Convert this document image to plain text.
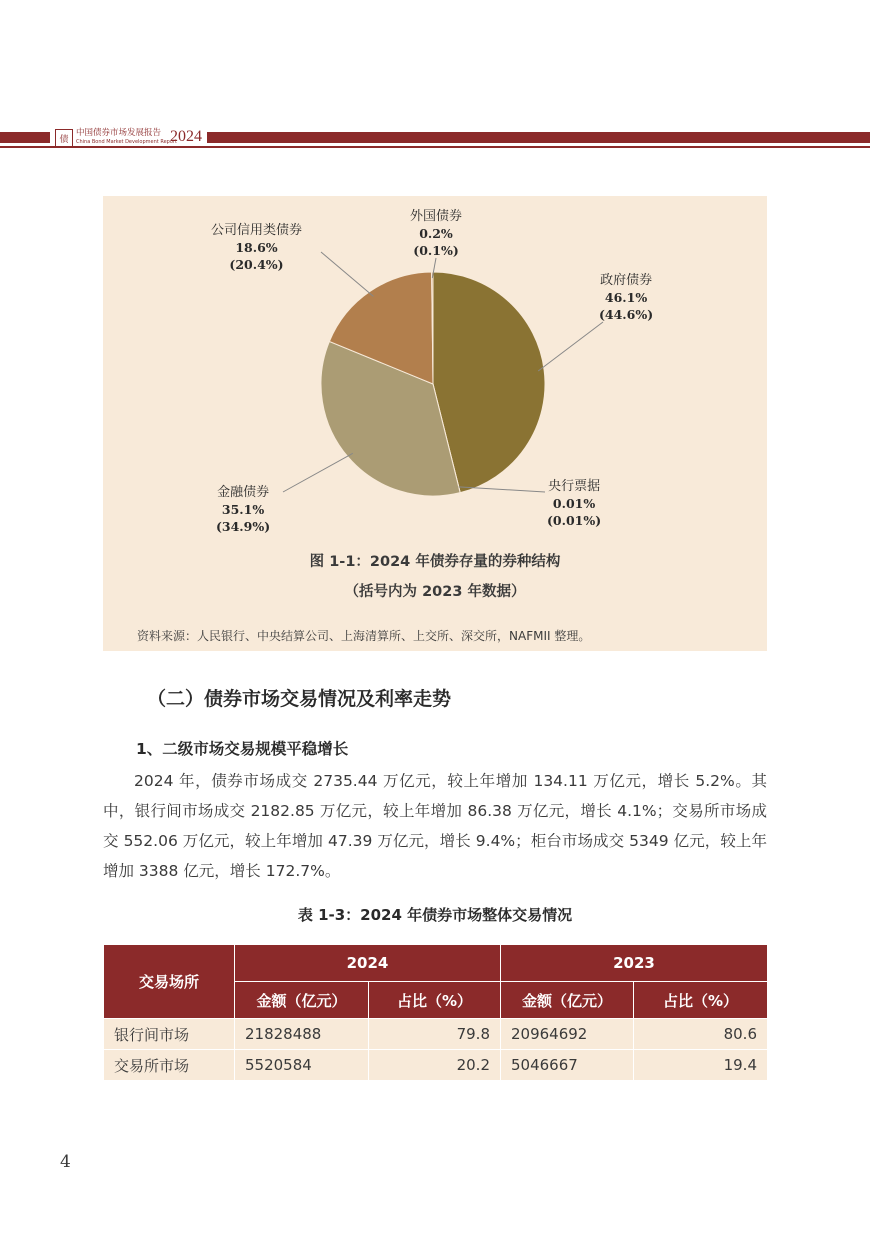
债
中国债券市场发展报告
China Bond Market Development Report
2024
公司信用类债券
18.6%
(20.4%)
外国债券
0.2%
(0.1%)
政府债券
46.1%
(44.6%)
央行票据
0.01%
(0.01%)
金融债券
35.1%
(34.9%)
图 1-1：2024 年债券存量的券种结构
（括号内为 2023 年数据）
资料来源：人民银行、中央结算公司、上海清算所、上交所、深交所，NAFMII 整理。
（二）债券市场交易情况及利率走势
1、二级市场交易规模平稳增长
2024 年，债券市场成交 2735.44 万亿元，较上年增加 134.11 万亿元，增长 5.2%。其中，银行间市场成交 2182.85 万亿元，较上年增加 86.38 万亿元，增长 4.1%；交易所市场成交 552.06 万亿元，较上年增加 47.39 万亿元，增长 9.4%；柜台市场成交 5349 亿元，较上年增加 3388 亿元，增长 172.7%。
表 1-3：2024 年债券市场整体交易情况
交易场所	2024		2023	
	金额（亿元）	占比（%）	金额（亿元）	占比（%）
银行间市场	21828488	79.8	20964692	80.6
交易所市场	5520584	20.2	5046667	19.4
4
